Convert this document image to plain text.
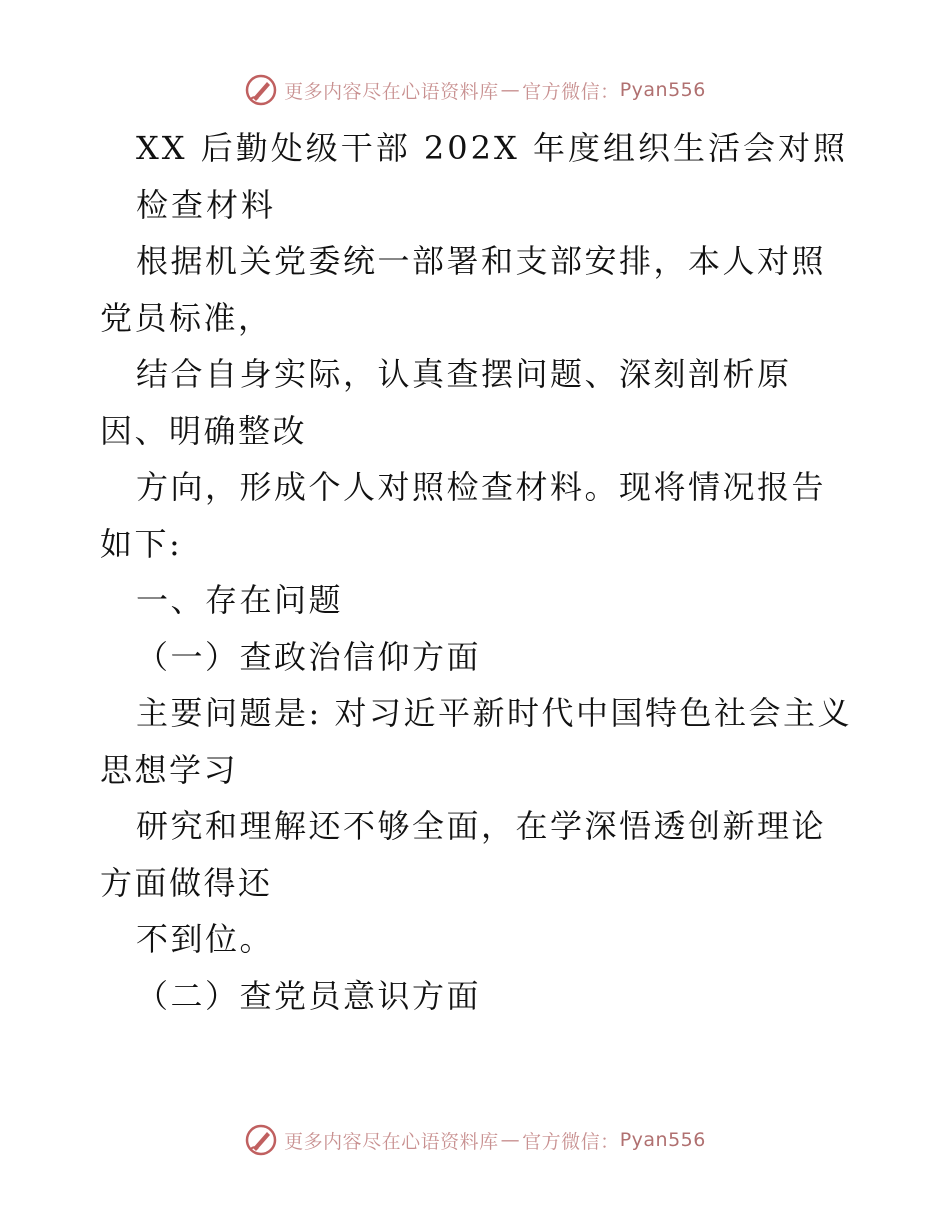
更多内容尽在心语资料库 — 官方微信： Pyan556

XX 后勤处级干部 202X 年度组织生活会对照

检查材料

根据机关党委统一部署和支部安排，本人对照党员标准，

结合自身实际，认真查摆问题、深刻剖析原因、明确整改

方向，形成个人对照检查材料。现将情况报告如下:

一、存在问题

（一）查政治信仰方面

主要问题是: 对习近平新时代中国特色社会主义思想学习

研究和理解还不够全面，在学深悟透创新理论方面做得还

不到位。

（二）查党员意识方面

更多内容尽在心语资料库 — 官方微信： Pyan556
